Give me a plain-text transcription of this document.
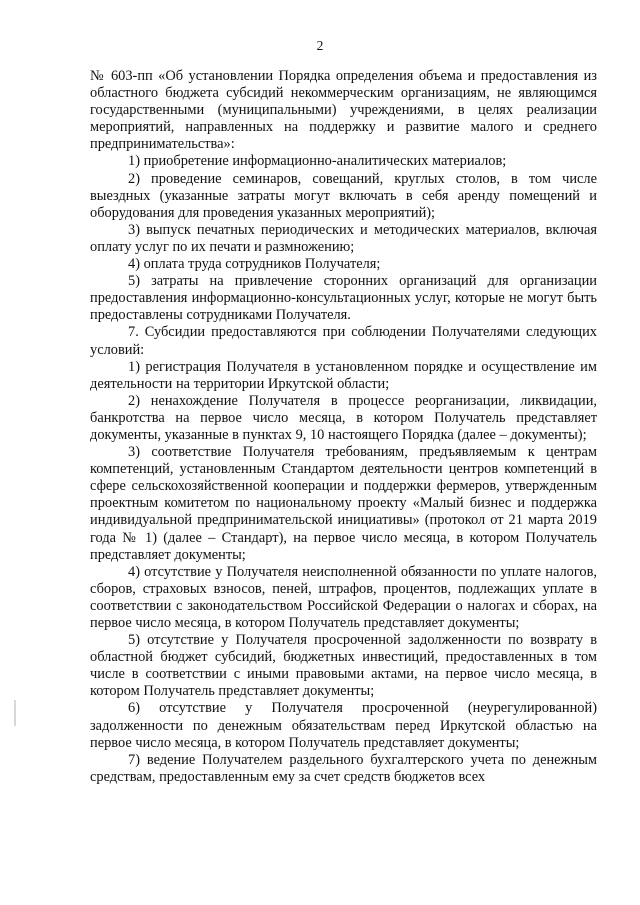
2

№ 603-пп «Об установлении Порядка определения объема и предоставления из областного бюджета субсидий некоммерческим организациям, не являющимся государственными (муниципальными) учреждениями, в целях реализации мероприятий, направленных на поддержку и развитие малого и среднего предпринимательства»:

1) приобретение информационно-аналитических материалов;

2) проведение семинаров, совещаний, круглых столов, в том числе выездных (указанные затраты могут включать в себя аренду помещений и оборудования для проведения указанных мероприятий);

3) выпуск печатных периодических и методических материалов, включая оплату услуг по их печати и размножению;

4) оплата труда сотрудников Получателя;

5) затраты на привлечение сторонних организаций для организации предоставления информационно-консультационных услуг, которые не могут быть предоставлены сотрудниками Получателя.

7. Субсидии предоставляются при соблюдении Получателями следующих условий:

1) регистрация Получателя в установленном порядке и осуществление им деятельности на территории Иркутской области;

2) ненахождение Получателя в процессе реорганизации, ликвидации, банкротства на первое число месяца, в котором Получатель представляет документы, указанные в пунктах 9, 10 настоящего Порядка (далее – документы);

3) соответствие Получателя требованиям, предъявляемым к центрам компетенций, установленным Стандартом деятельности центров компетенций в сфере сельскохозяйственной кооперации и поддержки фермеров, утвержденным проектным комитетом по национальному проекту «Малый бизнес и поддержка индивидуальной предпринимательской инициативы» (протокол от 21 марта 2019 года № 1) (далее – Стандарт), на первое число месяца, в котором Получатель представляет документы;

4) отсутствие у Получателя неисполненной обязанности по уплате налогов, сборов, страховых взносов, пеней, штрафов, процентов, подлежащих уплате в соответствии с законодательством Российской Федерации о налогах и сборах, на первое число месяца, в котором Получатель представляет документы;

5) отсутствие у Получателя просроченной задолженности по возврату в областной бюджет субсидий, бюджетных инвестиций, предоставленных в том числе в соответствии с иными правовыми актами, на первое число месяца, в котором Получатель представляет документы;

6) отсутствие у Получателя просроченной (неурегулированной) задолженности по денежным обязательствам перед Иркутской областью на первое число месяца, в котором Получатель представляет документы;

7) ведение Получателем раздельного бухгалтерского учета по денежным средствам, предоставленным ему за счет средств бюджетов всех
